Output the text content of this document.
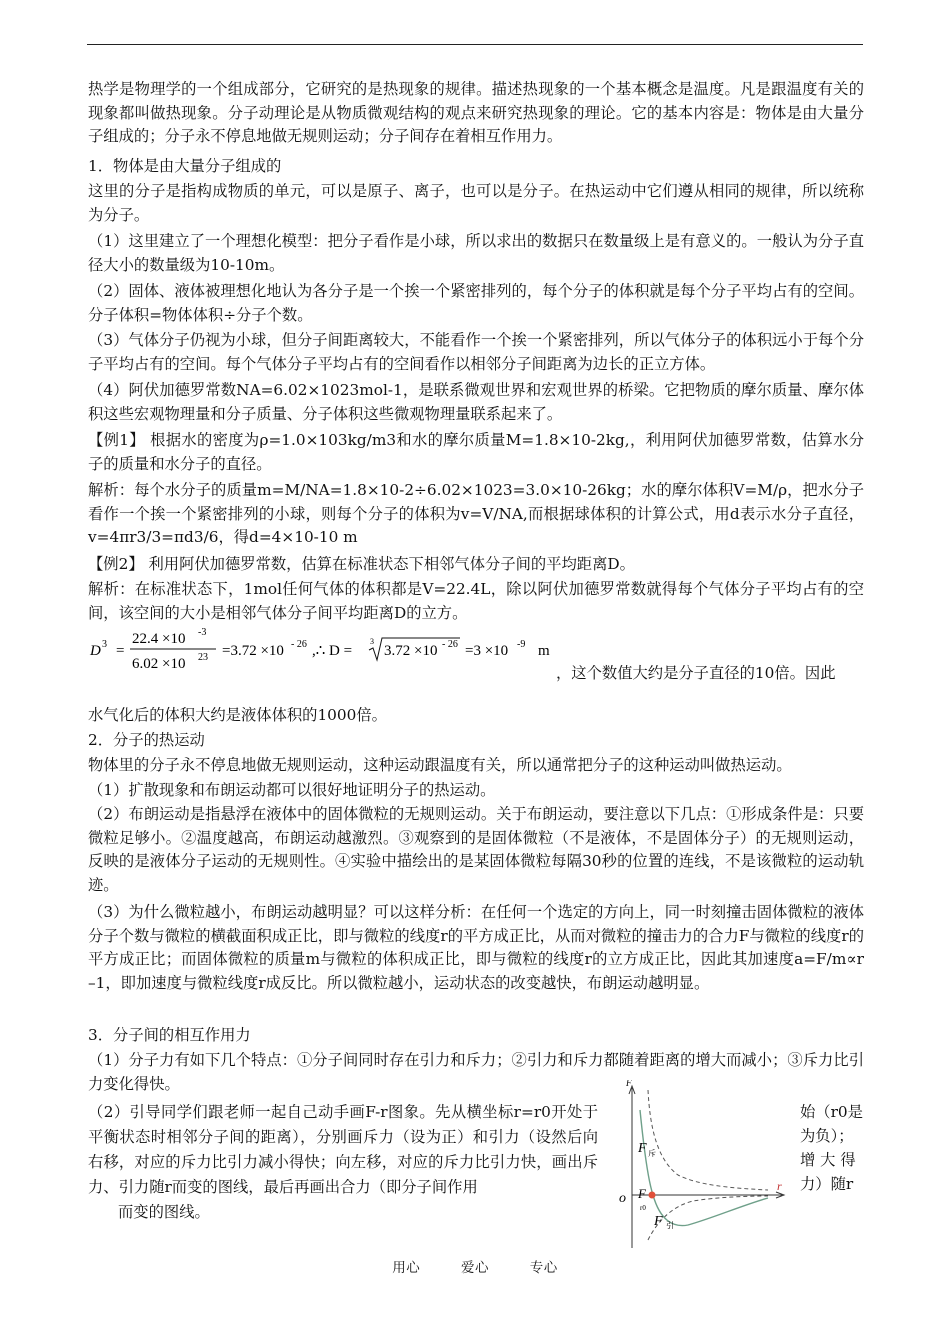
热学是物理学的一个组成部分，它研究的是热现象的规律。描述热现象的一个基本概念是温度。凡是跟温度有关的现象都叫做热现象。分子动理论是从物质微观结构的观点来研究热现象的理论。它的基本内容是：物体是由大量分子组成的；分子永不停息地做无规则运动；分子间存在着相互作用力。

1．物体是由大量分子组成的

这里的分子是指构成物质的单元，可以是原子、离子，也可以是分子。在热运动中它们遵从相同的规律，所以统称为分子。

（1）这里建立了一个理想化模型：把分子看作是小球，所以求出的数据只在数量级上是有意义的。一般认为分子直径大小的数量级为10-10m。

（2）固体、液体被理想化地认为各分子是一个挨一个紧密排列的，每个分子的体积就是每个分子平均占有的空间。分子体积=物体体积÷分子个数。

（3）气体分子仍视为小球，但分子间距离较大，不能看作一个挨一个紧密排列，所以气体分子的体积远小于每个分子平均占有的空间。每个气体分子平均占有的空间看作以相邻分子间距离为边长的正立方体。

（4）阿伏加德罗常数NA=6.02×1023mol-1，是联系微观世界和宏观世界的桥梁。它把物质的摩尔质量、摩尔体积这些宏观物理量和分子质量、分子体积这些微观物理量联系起来了。

【例1】 根据水的密度为ρ=1.0×103kg/m3和水的摩尔质量M=1.8×10-2kg,，利用阿伏加德罗常数，估算水分子的质量和水分子的直径。

解析：每个水分子的质量m=M/NA=1.8×10-2÷6.02×1023=3.0×10-26kg；水的摩尔体积V=M/ρ，把水分子看作一个挨一个紧密排列的小球，则每个分子的体积为v=V/NA,而根据球体积的计算公式，用d表示水分子直径，v=4πr3/3=πd3/6，得d=4×10-10 m

【例2】 利用阿伏加德罗常数，估算在标准状态下相邻气体分子间的平均距离D。

解析：在标准状态下，1mol任何气体的体积都是V=22.4L，除以阿伏加德罗常数就得每个气体分子平均占有的空间，该空间的大小是相邻气体分子间平均距离D的立方。

D 3 =
22.4 ×10 -3
6.02 ×10 23 =3.72 ×10 - 26 ,∴ D =
3
3.72 ×10 - 26 =3 ×10 -9 m
，这个数值大约是分子直径的10倍。因此

水气化后的体积大约是液体体积的1000倍。

2．分子的热运动

物体里的分子永不停息地做无规则运动，这种运动跟温度有关，所以通常把分子的这种运动叫做热运动。

（1）扩散现象和布朗运动都可以很好地证明分子的热运动。

（2）布朗运动是指悬浮在液体中的固体微粒的无规则运动。关于布朗运动，要注意以下几点：①形成条件是：只要微粒足够小。②温度越高，布朗运动越激烈。③观察到的是固体微粒（不是液体，不是固体分子）的无规则运动，反映的是液体分子运动的无规则性。④实验中描绘出的是某固体微粒每隔30秒的位置的连线，不是该微粒的运动轨迹。

（3）为什么微粒越小，布朗运动越明显？可以这样分析：在任何一个选定的方向上，同一时刻撞击固体微粒的液体分子个数与微粒的横截面积成正比，即与微粒的线度r的平方成正比，从而对微粒的撞击力的合力F与微粒的线度r的平方成正比；而固体微粒的质量m与微粒的体积成正比，即与微粒的线度r的立方成正比，因此其加速度a=F/m∝r –1，即加速度与微粒线度r成反比。所以微粒越小，运动状态的改变越快，布朗运动越明显。

3．分子间的相互作用力

（1）分子力有如下几个特点：①分子间同时存在引力和斥力；②引力和斥力都随着距离的增大而减小；③斥力比引力变化得快。

（2）引导同学们跟老师一起自己动手画F-r图象。先从横坐标r=r0开处于平衡状态时相邻分子间的距离），分别画斥力（设为正）和引力（设然后向右移，对应的斥力比引力减小得快；向左移，对应的斥力比引力快，画出斥力、引力随r而变的图线，最后再画出合力（即分子间作用
而变的图线。
始（r0是
为负）；
增 大 得
力）随r
F
r
o
F 斥
F
r0
F 引
用心	爱心	专心
